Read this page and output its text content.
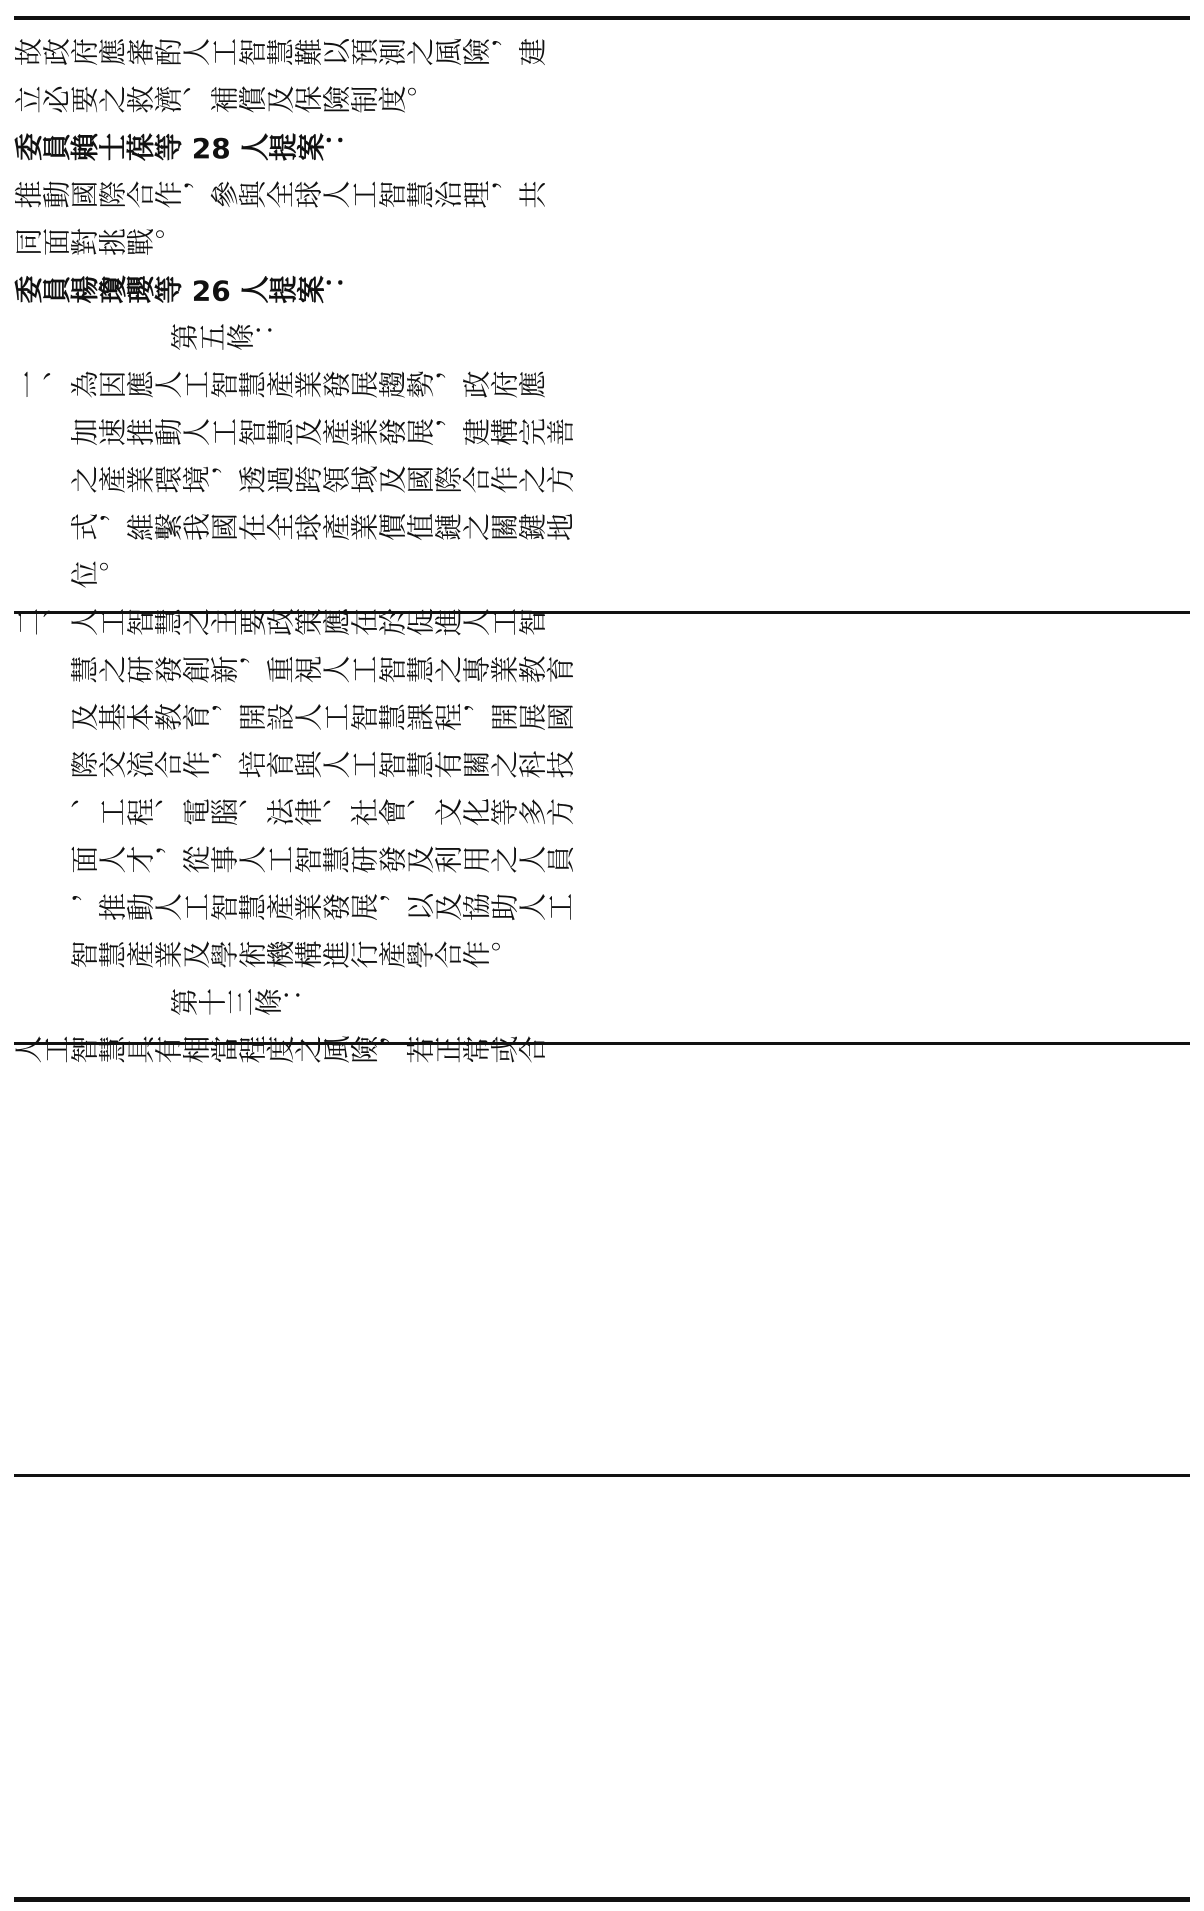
故政府應審酌人工智慧難以預測之風險，建
立必要之救濟、補償及保險制度。
委員賴士葆等 28 人提案：
推動國際合作，參與全球人工智慧治理，共
同面對挑戰。
委員楊瓊瓔等 26 人提案：
第五條：
一、為因應人工智慧產業發展趨勢，政府應
加速推動人工智慧及產業發展，建構完善
之產業環境，透過跨領域及國際合作之方
式，維繫我國在全球產業價值鏈之關鍵地
位。
二、人工智慧之主要政策應在於促進人工智
慧之研發創新，重視人工智慧之專業教育
及基本教育，開設人工智慧課程，開展國
際交流合作，培育與人工智慧有關之科技
、工程、電腦、法律、社會、文化等多方
面人才，從事人工智慧研發及利用之人員
，推動人工智慧產業發展，以及協助人工
智慧產業及學術機構進行產學合作。
第十三條：
人工智慧具有相當程度之風險，若正常或合
